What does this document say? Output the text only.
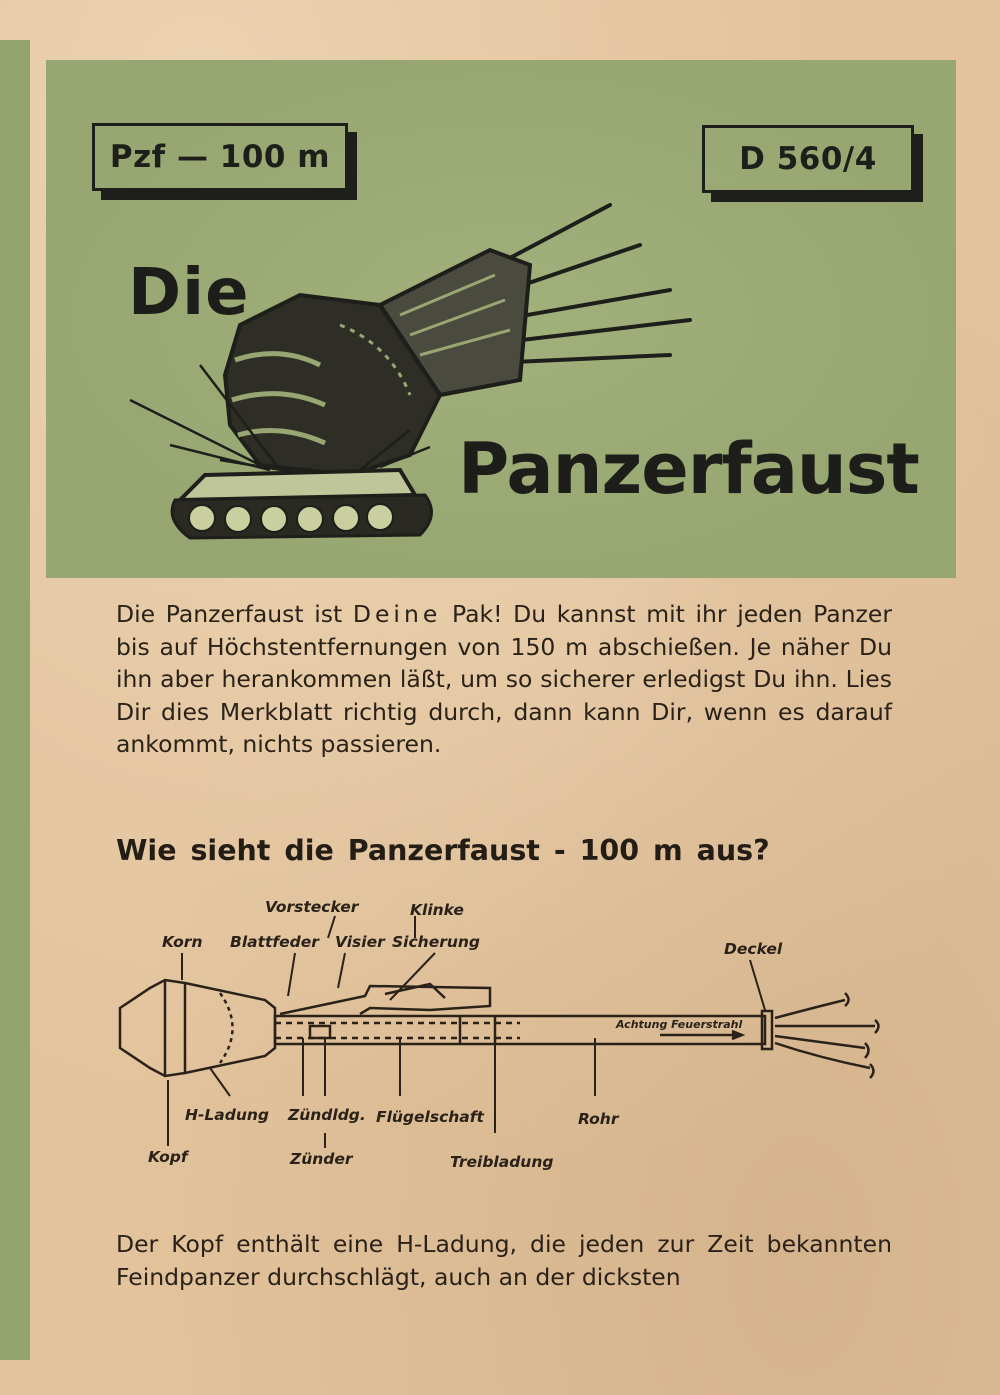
Pzf — 100 m	D 560/4
Die
Panzerfaust

Die Panzerfaust ist Deine Pak! Du kannst mit ihr jeden Panzer bis auf Höchstentfernungen von 150 m abschießen. Je näher Du ihn aber herankommen läßt, um so sicherer erledigst Du ihn. Lies Dir dies Merkblatt richtig durch, dann kann Dir, wenn es darauf ankommt, nichts passieren.

Wie sieht die Panzerfaust - 100 m aus?
Vorstecker	Klinke
Korn Blattfeder Visier Sicherung	Deckel
Achtung Feuerstrahl
H-Ladung Zündldg. Flügelschaft	Rohr
Kopf	Zünder	Treibladung

Der Kopf enthält eine H-Ladung, die jeden zur Zeit bekannten Feindpanzer durchschlägt, auch an der dicksten
